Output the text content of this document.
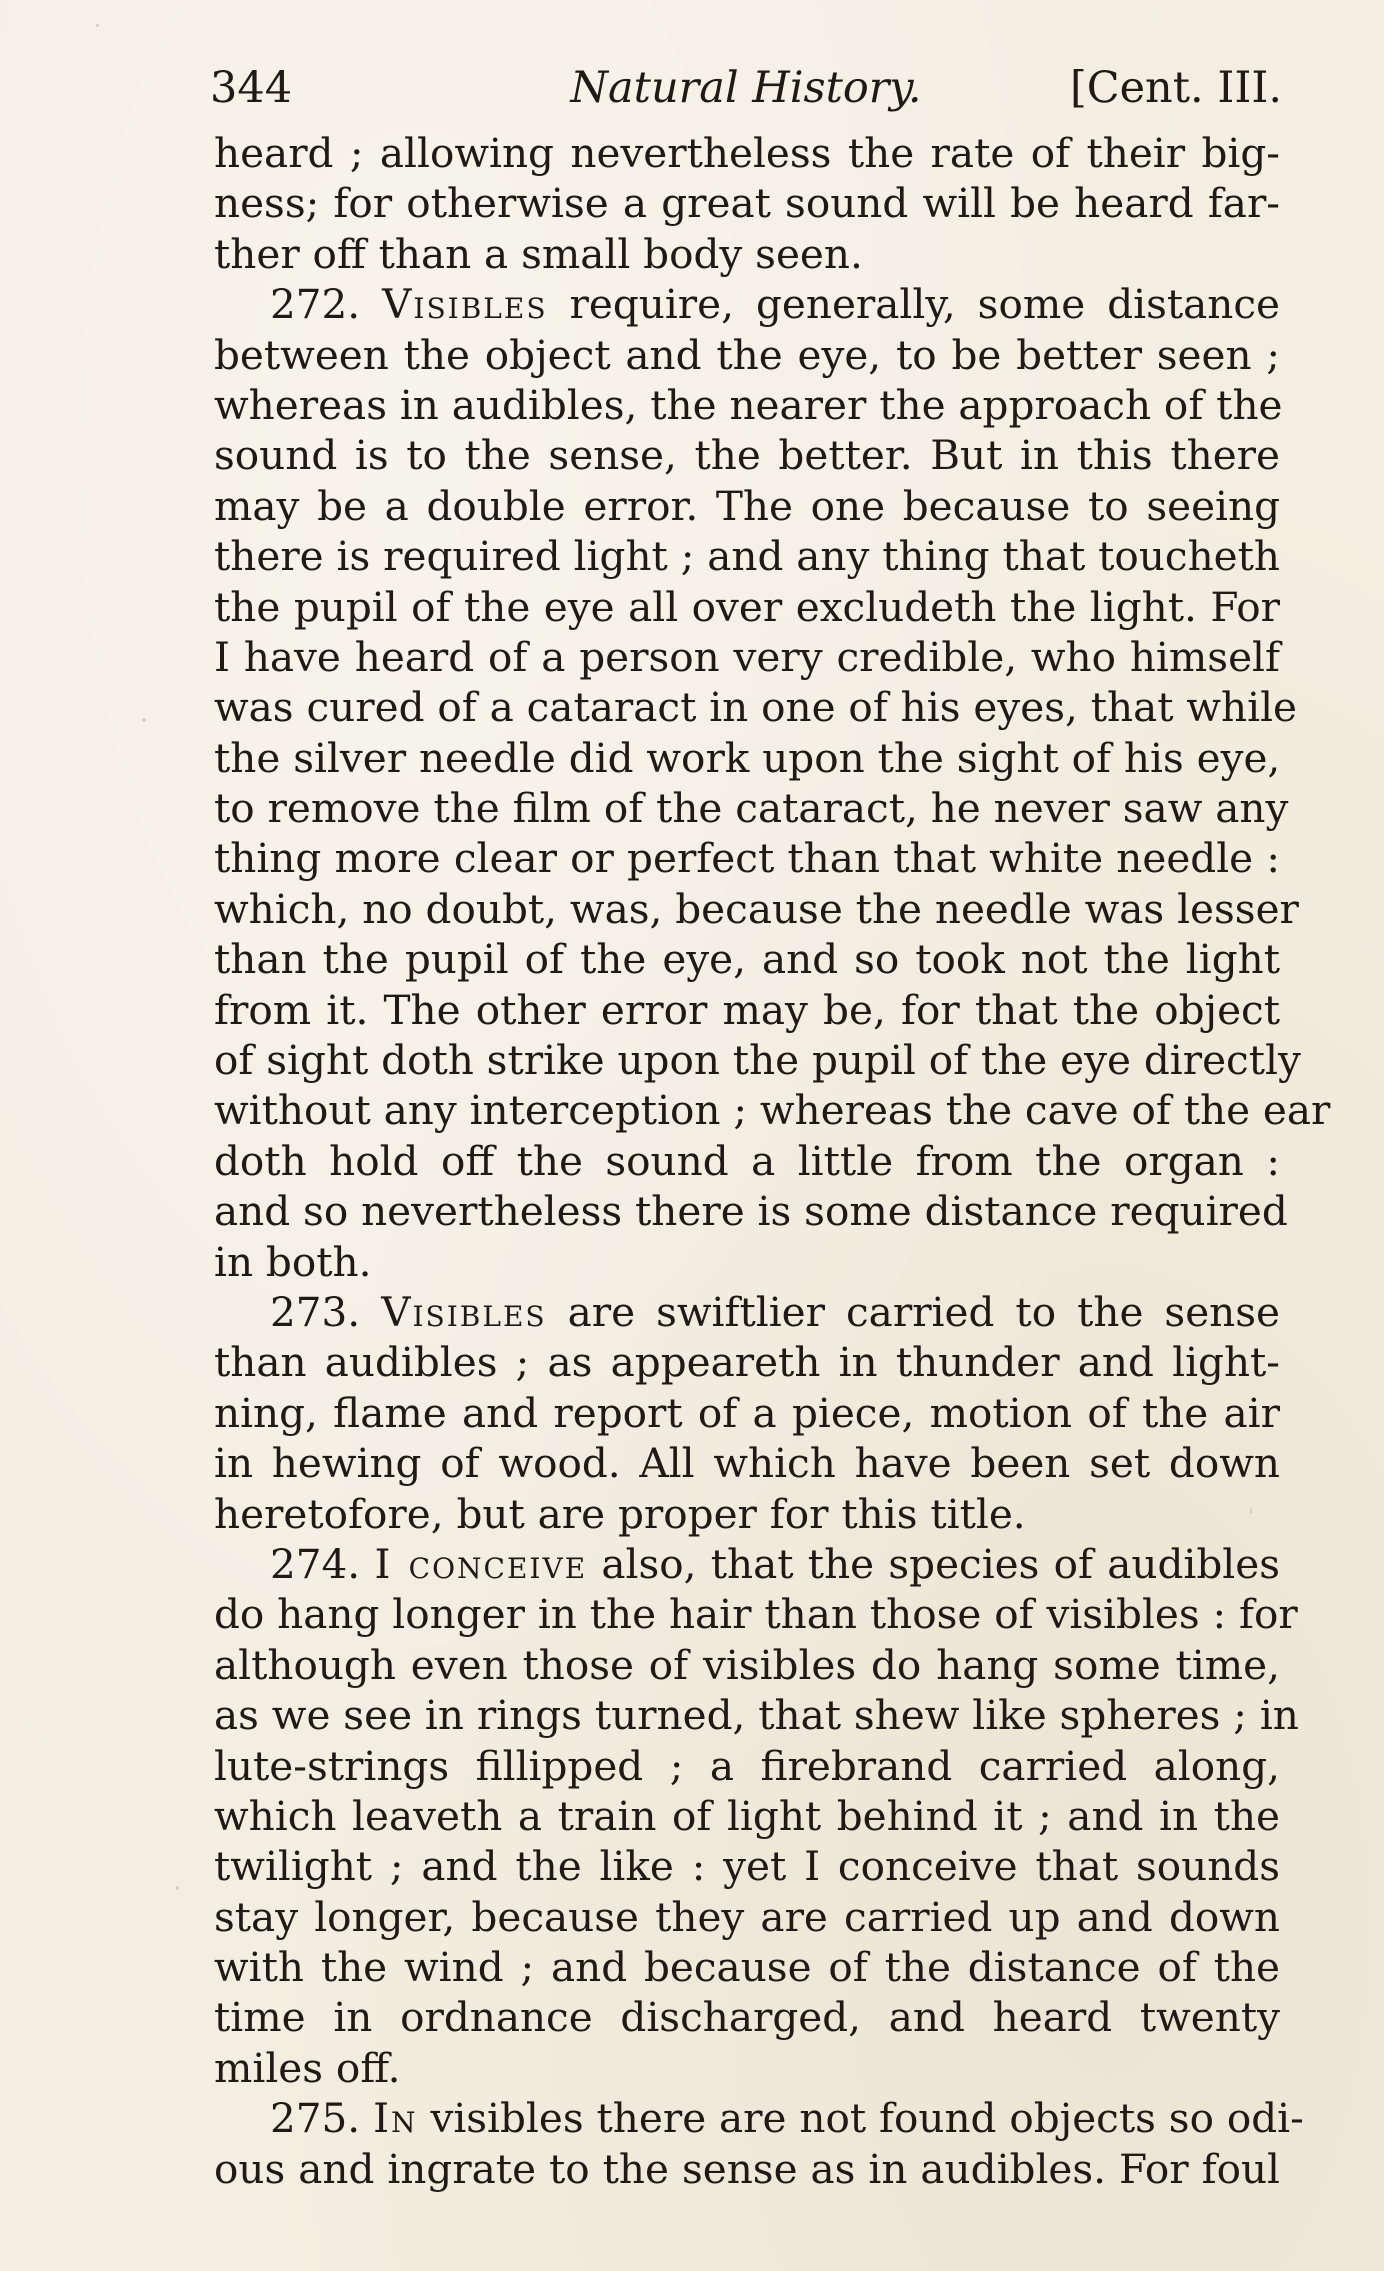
344	Natural History.	[Cent. III.
heard ; allowing nevertheless the rate of their big-
ness; for otherwise a great sound will be heard far-
ther off than a small body seen.
272. Visibles require, generally, some distance
between the object and the eye, to be better seen ;
whereas in audibles, the nearer the approach of the
sound is to the sense, the better. But in this there
may be a double error. The one because to seeing
there is required light ; and any thing that toucheth
the pupil of the eye all over excludeth the light. For
I have heard of a person very credible, who himself
was cured of a cataract in one of his eyes, that while
the silver needle did work upon the sight of his eye,
to remove the film of the cataract, he never saw any
thing more clear or perfect than that white needle :
which, no doubt, was, because the needle was lesser
than the pupil of the eye, and so took not the light
from it. The other error may be, for that the object
of sight doth strike upon the pupil of the eye directly
without any interception ; whereas the cave of the ear
doth hold off the sound a little from the organ :
and so nevertheless there is some distance required
in both.
273. Visibles are swiftlier carried to the sense
than audibles ; as appeareth in thunder and light-
ning, flame and report of a piece, motion of the air
in hewing of wood. All which have been set down
heretofore, but are proper for this title.
274. I conceive also, that the species of audibles
do hang longer in the hair than those of visibles : for
although even those of visibles do hang some time,
as we see in rings turned, that shew like spheres ; in
lute-strings fillipped ; a firebrand carried along,
which leaveth a train of light behind it ; and in the
twilight ; and the like : yet I conceive that sounds
stay longer, because they are carried up and down
with the wind ; and because of the distance of the
time in ordnance discharged, and heard twenty
miles off.
275. In visibles there are not found objects so odi-
ous and ingrate to the sense as in audibles. For foul
